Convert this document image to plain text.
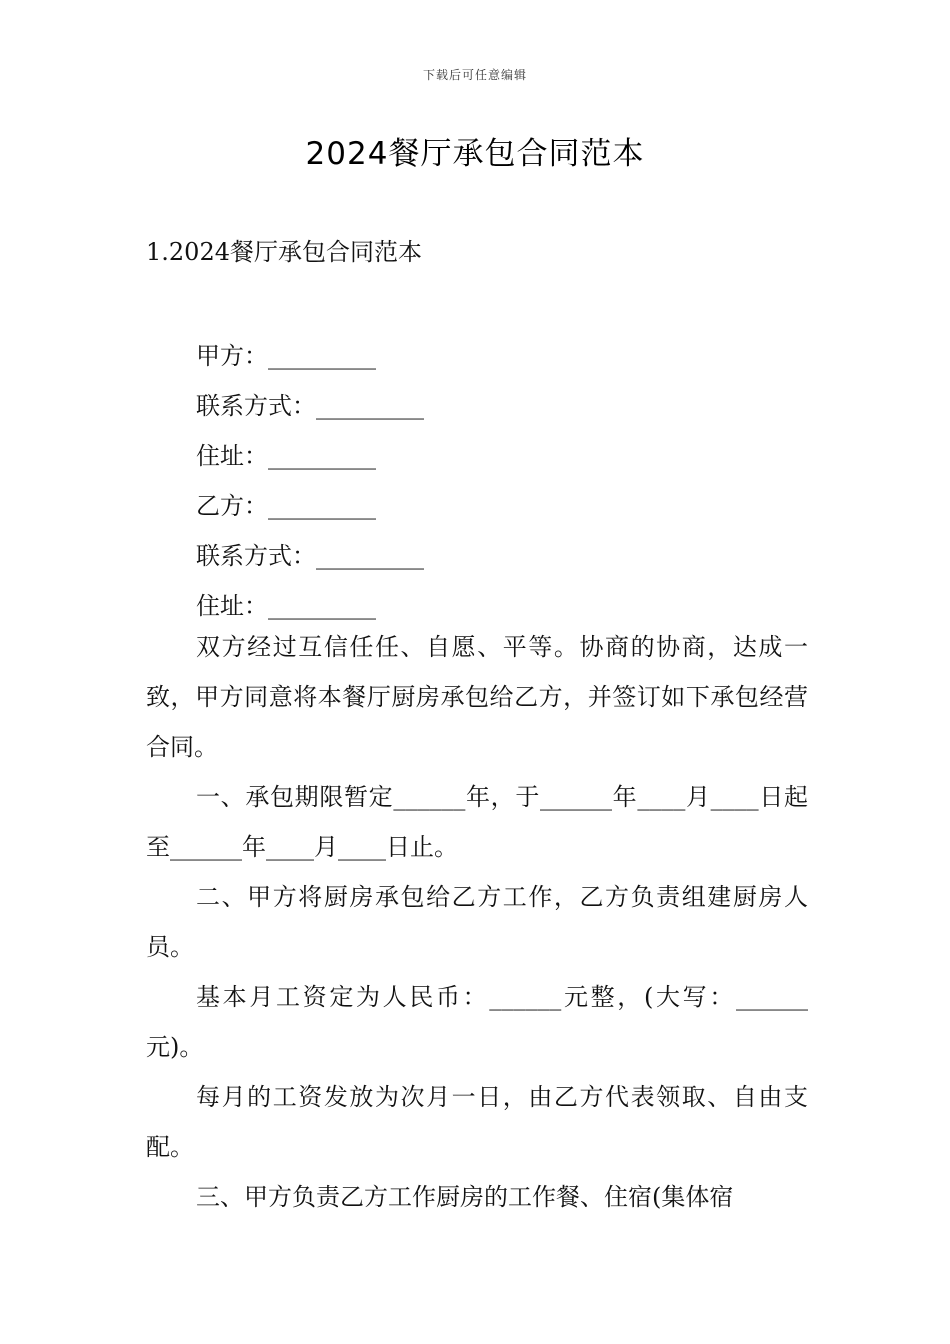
下载后可任意编辑
2024餐厅承包合同范本
1.2024餐厅承包合同范本
甲方：_________
联系方式：_________
住址：_________
乙方：_________
联系方式：_________
住址：_________

双方经过互信任任、自愿、平等。协商的协商，达成一致，甲方同意将本餐厅厨房承包给乙方，并签订如下承包经营合同。

一、承包期限暂定______年，于______年____月____日起至______年____月____日止。

二、甲方将厨房承包给乙方工作，乙方负责组建厨房人员。

基本月工资定为人民币：______元整，(大写：______元)。

每月的工资发放为次月一日，由乙方代表领取、自由支配。

三、甲方负责乙方工作厨房的工作餐、住宿(集体宿
